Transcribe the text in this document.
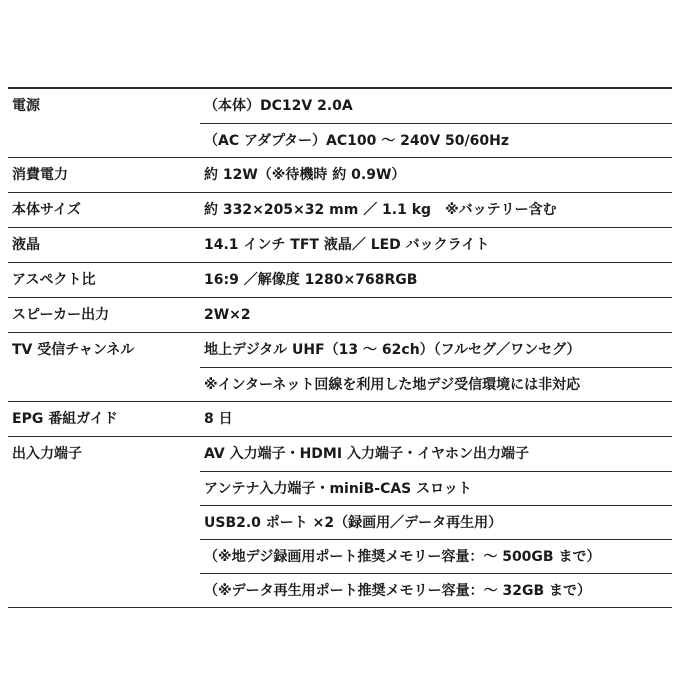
電源	（本体）DC12V 2.0A
（AC アダプター）AC100 ～ 240V 50/60Hz
消費電力	約 12W（※待機時 約 0.9W）
本体サイズ	約 332×205×32 mm ／ 1.1 kg　※バッテリー含む
液晶	14.1 インチ TFT 液晶／ LED バックライト
アスペクト比	16:9 ／解像度 1280×768RGB
スピーカー出力	2W×2
TV 受信チャンネル	地上デジタル UHF（13 ～ 62ch）（フルセグ／ワンセグ）
※インターネット回線を利用した地デジ受信環境には非対応
EPG 番組ガイド	8 日
出入力端子	AV 入力端子・HDMI 入力端子・イヤホン出力端子
アンテナ入力端子・miniB-CAS スロット
USB2.0 ポート ×2（録画用／データ再生用）
（※地デジ録画用ポート推奨メモリー容量：～ 500GB まで）
（※データ再生用ポート推奨メモリー容量：～ 32GB まで）
